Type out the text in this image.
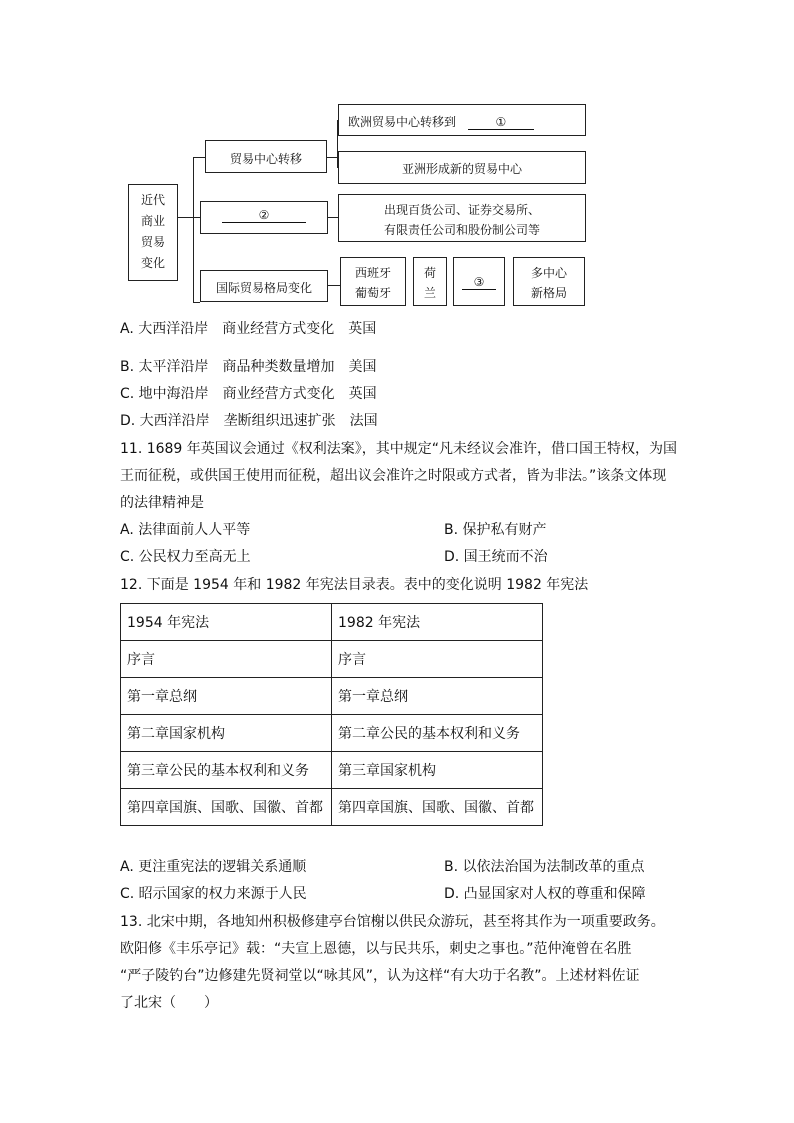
近代
商业
贸易
变化
贸易中心转移
欧洲贸易中心转移到	①
亚洲形成新的贸易中心
②	出现百货公司、证券交易所、
有限责任公司和股份制公司等
国际贸易格局变化
西班牙
葡萄牙
荷
兰
③
多中心
新格局
A. 大西洋沿岸　商业经营方式变化　英国
B. 太平洋沿岸　商品种类数量增加　美国
C. 地中海沿岸　商业经营方式变化　英国
D. 大西洋沿岸　垄断组织迅速扩张　法国
11. 1689 年英国议会通过《权利法案》，其中规定“凡未经议会准许，借口国王特权，为国
王而征税，或供国王使用而征税，超出议会准许之时限或方式者，皆为非法。”该条文体现
的法律精神是
A. 法律面前人人平等	B. 保护私有财产
C. 公民权力至高无上	D. 国王统而不治
12. 下面是 1954 年和 1982 年宪法目录表。表中的变化说明 1982 年宪法
1954 年宪法	1982 年宪法
序言	序言
第一章总纲	第一章总纲
第二章国家机构	第二章公民的基本权利和义务
第三章公民的基本权利和义务	第三章国家机构
第四章国旗、国歌、国徽、首都	第四章国旗、国歌、国徽、首都
A. 更注重宪法的逻辑关系通顺	B. 以依法治国为法制改革的重点
C. 昭示国家的权力来源于人民	D. 凸显国家对人权的尊重和保障
13. 北宋中期，各地知州积极修建亭台馆榭以供民众游玩，甚至将其作为一项重要政务。
欧阳修《丰乐亭记》载：“夫宣上恩德，以与民共乐，刺史之事也。”范仲淹曾在名胜
“严子陵钓台”边修建先贤祠堂以“咏其风”，认为这样“有大功于名教”。上述材料佐证
了北宋（　　）
